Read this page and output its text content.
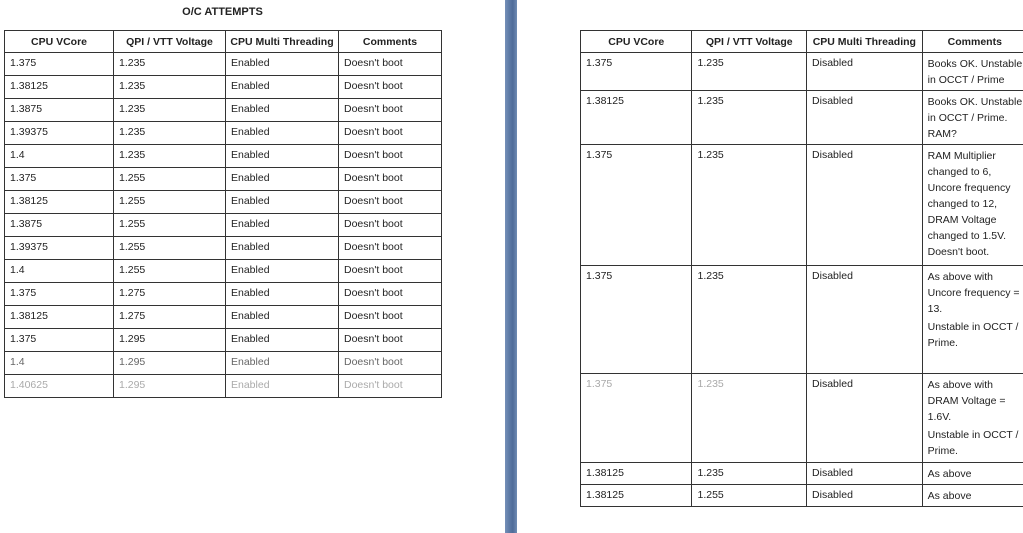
O/C ATTEMPTS
CPU VCore	QPI / VTT Voltage	CPU Multi Threading	Comments
1.375	1.235	Enabled	Doesn't boot
1.38125	1.235	Enabled	Doesn't boot
1.3875	1.235	Enabled	Doesn't boot
1.39375	1.235	Enabled	Doesn't boot
1.4	1.235	Enabled	Doesn't boot
1.375	1.255	Enabled	Doesn't boot
1.38125	1.255	Enabled	Doesn't boot
1.3875	1.255	Enabled	Doesn't boot
1.39375	1.255	Enabled	Doesn't boot
1.4	1.255	Enabled	Doesn't boot
1.375	1.275	Enabled	Doesn't boot
1.38125	1.275	Enabled	Doesn't boot
1.375	1.295	Enabled	Doesn't boot
1.4	1.295	Enabled	Doesn't boot
1.40625	1.295	Enabled	Doesn't boot
CPU VCore	QPI / VTT Voltage	CPU Multi Threading	Comments
1.375	1.235	Disabled	Books OK. Unstable in OCCT / Prime

1.38125	1.235	Disabled	Books OK. Unstable in OCCT / Prime. RAM?

1.375	1.235	Disabled	RAM Multiplier changed to 6, Uncore frequency changed to 12, DRAM Voltage changed to 1.5V. Doesn't boot.

1.375	1.235	Disabled	As above with Uncore frequency = 13.
Unstable in OCCT / Prime.

1.375	1.235	Disabled	As above with DRAM Voltage = 1.6V.
Unstable in OCCT / Prime.

1.38125	1.235	Disabled	As above

1.38125	1.255	Disabled	As above
